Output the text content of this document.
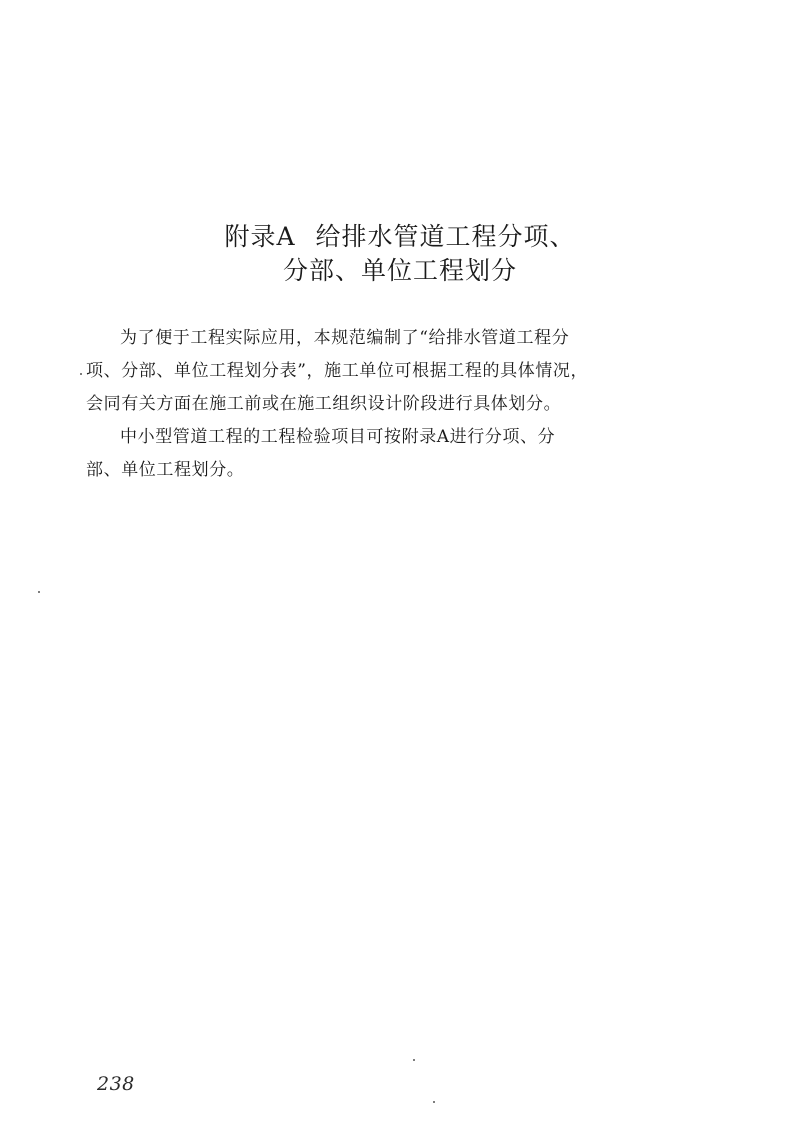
附录A 给排水管道工程分项、
分部、单位工程划分
为了便于工程实际应用，本规范编制了“给排水管道工程分
项、分部、单位工程划分表”，施工单位可根据工程的具体情况，
会同有关方面在施工前或在施工组织设计阶段进行具体划分。
中小型管道工程的工程检验项目可按附录A进行分项、分
部、单位工程划分。
238
